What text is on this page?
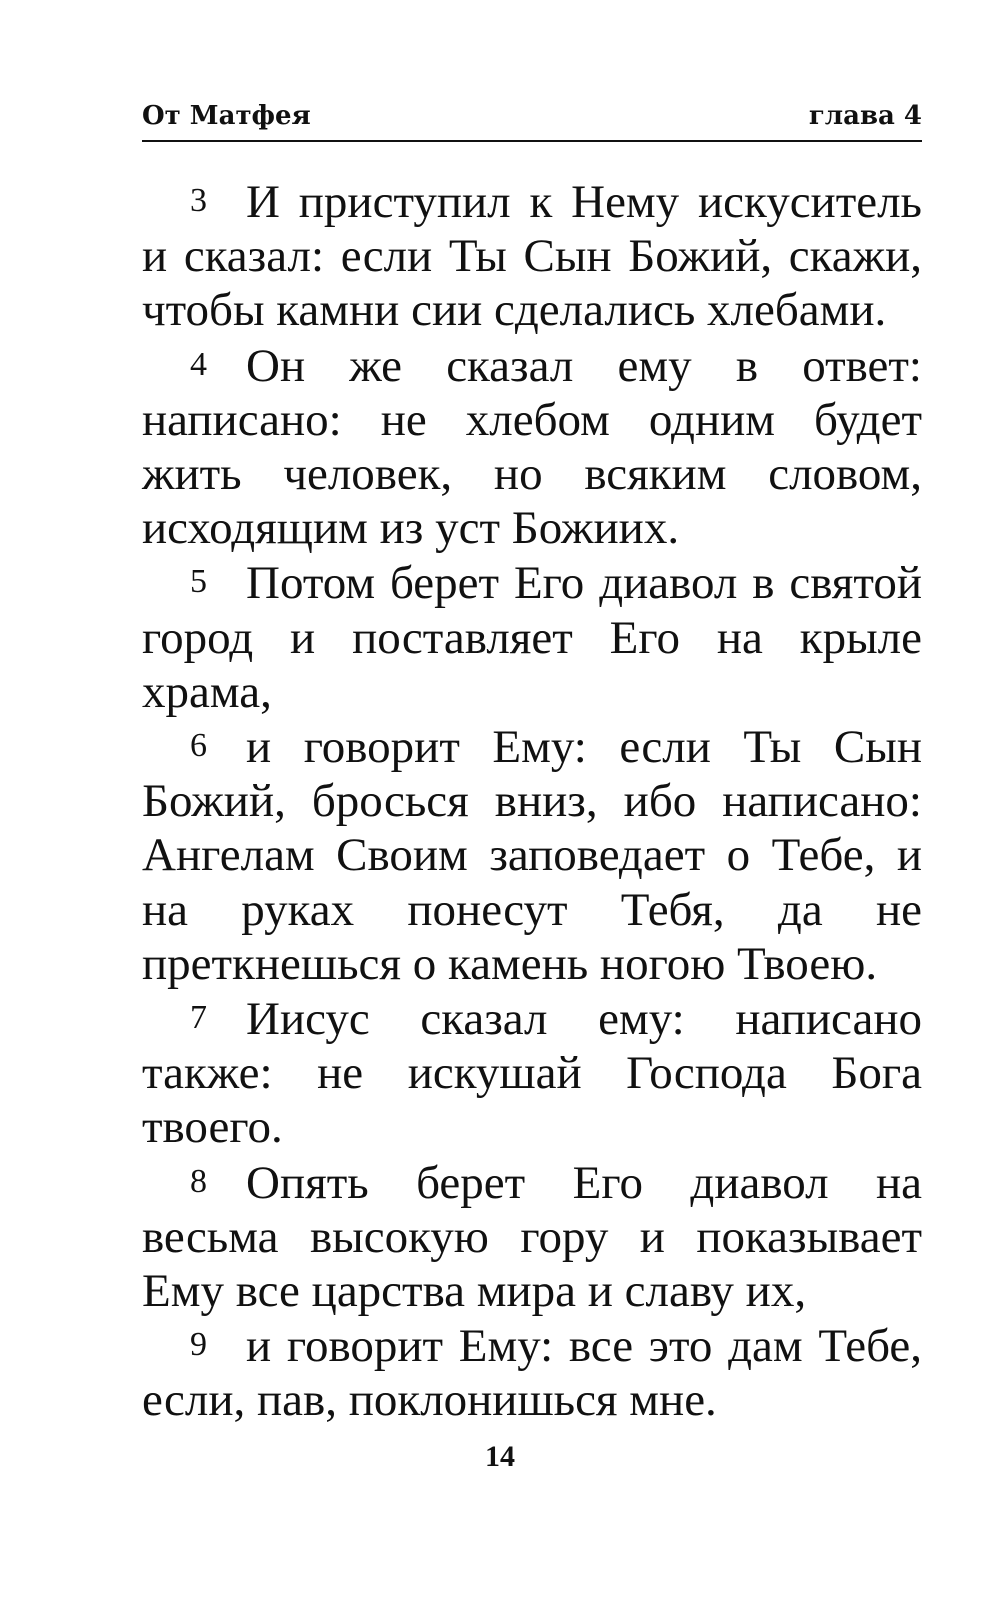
От Матфея	глава 4

3 И приступил к Нему искуситель и сказал: если Ты Сын Божий, скажи, чтобы камни сии сделались хлебами.

4 Он же сказал ему в ответ: написано: не хлебом одним будет жить человек, но всяким словом, исходящим из уст Божиих.

5 Потом берет Его диавол в святой город и поставляет Его на крыле храма,

6 и говорит Ему: если Ты Сын Божий, бросься вниз, ибо написано: Ангелам Своим заповедает о Тебе, и на руках понесут Тебя, да не преткнешься о камень ногою Твоею.

7 Иисус сказал ему: написано также: не искушай Господа Бога твоего.

8 Опять берет Его диавол на весьма высокую гору и показывает Ему все царства мира и славу их,

9 и говорит Ему: все это дам Тебе, если, пав, поклонишься мне.

14
